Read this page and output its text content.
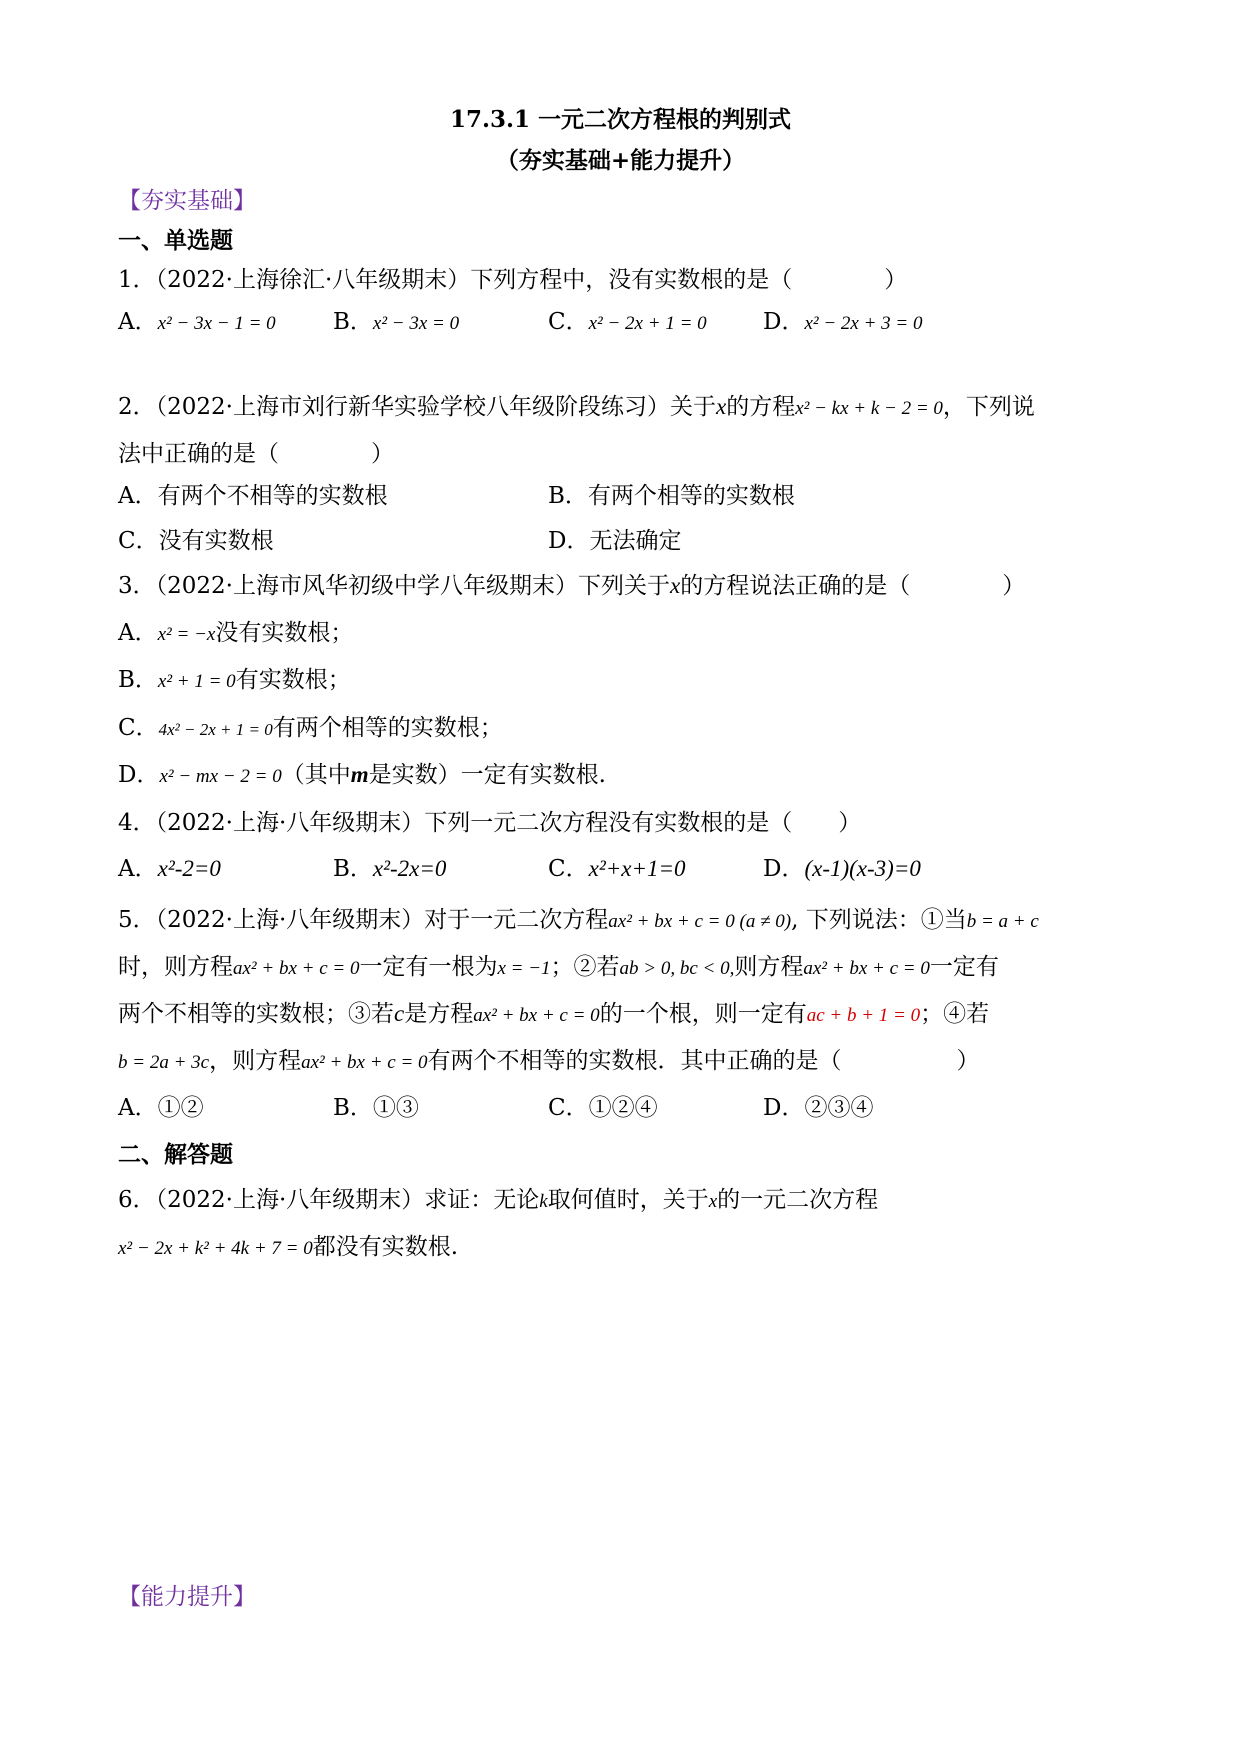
17.3.1 一元二次方程根的判别式
（夯实基础+能力提升）
【夯实基础】
一、单选题
1．（2022·上海徐汇·八年级期末）下列方程中，没有实数根的是（　　　　）
A．x² − 3x − 1 = 0 B．x² − 3x = 0	C．x² − 2x + 1 = 0 D．x² − 2x + 3 = 0
2．（2022·上海市刘行新华实验学校八年级阶段练习）关于x的方程x² − kx + k − 2 = 0，下列说
法中正确的是（　　　　）
A．有两个不相等的实数根	B．有两个相等的实数根
C．没有实数根	D．无法确定
3．（2022·上海市风华初级中学八年级期末）下列关于x的方程说法正确的是（　　　　）
A．x² = −x没有实数根；
B．x² + 1 = 0有实数根；
C．4x² − 2x + 1 = 0有两个相等的实数根；
D．x² − mx − 2 = 0（其中m是实数）一定有实数根.
4．（2022·上海·八年级期末）下列一元二次方程没有实数根的是（　　）
A．x²-2=0	B．x²-2x=0	C．x²+x+1=0	D．(x-1)(x-3)=0
5．（2022·上海·八年级期末）对于一元二次方程ax² + bx + c = 0 (a ≠ 0), 下列说法：①当b = a + c
时，则方程ax² + bx + c = 0一定有一根为x = −1；②若ab > 0, bc < 0,则方程ax² + bx + c = 0一定有
两个不相等的实数根；③若c是方程ax² + bx + c = 0的一个根，则一定有ac + b + 1 = 0；④若
b = 2a + 3c，则方程ax² + bx + c = 0有两个不相等的实数根．其中正确的是（　　　　　）
A．①②	B．①③	C．①②④	D．②③④
二、解答题
6．（2022·上海·八年级期末）求证：无论k取何值时，关于x的一元二次方程
x² − 2x + k² + 4k + 7 = 0都没有实数根.
【能力提升】
